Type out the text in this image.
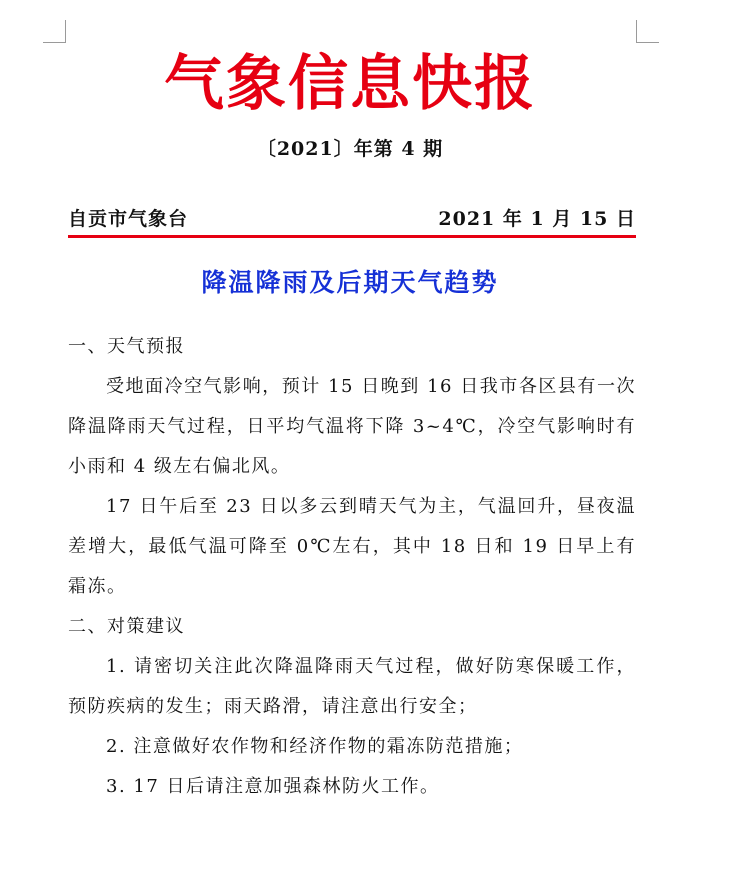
气象信息快报
〔2021〕年第 4 期
自贡市气象台	2021 年 1 月 15 日
降温降雨及后期天气趋势

一、天气预报

受地面冷空气影响，预计 15 日晚到 16 日我市各区县有一次降温降雨天气过程，日平均气温将下降 3~4℃，冷空气影响时有小雨和 4 级左右偏北风。

17 日午后至 23 日以多云到晴天气为主，气温回升，昼夜温差增大，最低气温可降至 0℃左右，其中 18 日和 19 日早上有霜冻。

二、对策建议

1. 请密切关注此次降温降雨天气过程，做好防寒保暖工作，预防疾病的发生；雨天路滑，请注意出行安全；

2. 注意做好农作物和经济作物的霜冻防范措施；

3. 17 日后请注意加强森林防火工作。
